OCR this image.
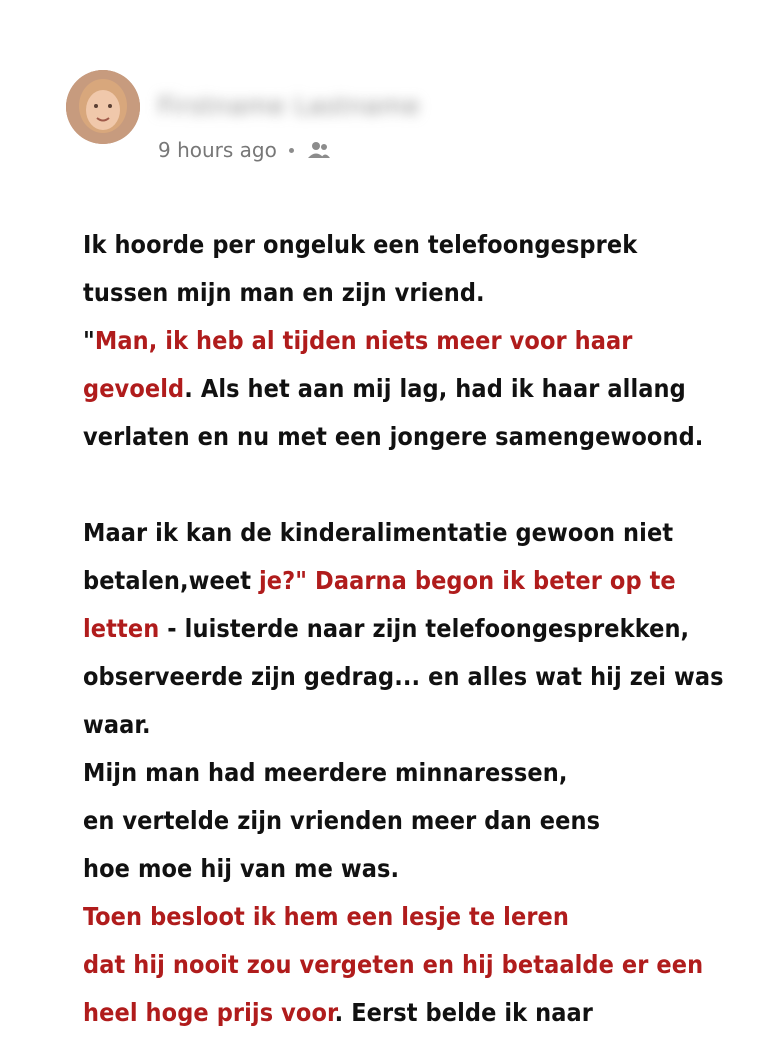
Firstname Lastname
9 hours ago
Ik hoorde per ongeluk een telefoongesprek
tussen mijn man en zijn vriend.
"Man, ik heb al tijden niets meer voor haar
gevoeld. Als het aan mij lag, had ik haar allang
verlaten en nu met een jongere samengewoond.
Maar ik kan de kinderalimentatie gewoon niet
betalen,weet je?" Daarna begon ik beter op te
letten - luisterde naar zijn telefoongesprekken,
observeerde zijn gedrag... en alles wat hij zei was
waar.
Mijn man had meerdere minnaressen,
en vertelde zijn vrienden meer dan eens
hoe moe hij van me was.
Toen besloot ik hem een lesje te leren
dat hij nooit zou vergeten en hij betaalde er een
heel hoge prijs voor. Eerst belde ik naar
